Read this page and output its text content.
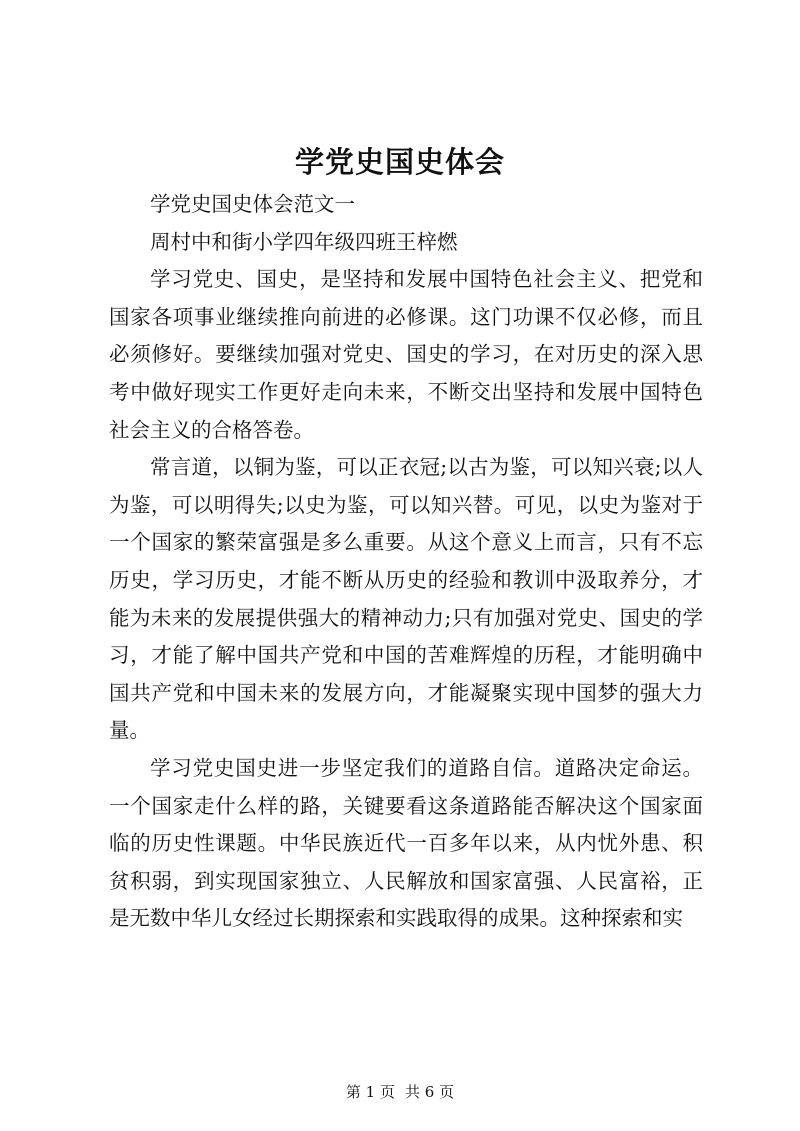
学党史国史体会

学党史国史体会范文一

周村中和街小学四年级四班王梓燃

学习党史、国史，是坚持和发展中国特色社会主义、把党和国家各项事业继续推向前进的必修课。这门功课不仅必修，而且必须修好。要继续加强对党史、国史的学习，在对历史的深入思考中做好现实工作更好走向未来，不断交出坚持和发展中国特色社会主义的合格答卷。

常言道，以铜为鉴，可以正衣冠;以古为鉴，可以知兴衰;以人为鉴，可以明得失;以史为鉴，可以知兴替。可见，以史为鉴对于一个国家的繁荣富强是多么重要。从这个意义上而言，只有不忘历史，学习历史，才能不断从历史的经验和教训中汲取养分，才能为未来的发展提供强大的精神动力;只有加强对党史、国史的学习，才能了解中国共产党和中国的苦难辉煌的历程，才能明确中国共产党和中国未来的发展方向，才能凝聚实现中国梦的强大力量。

学习党史国史进一步坚定我们的道路自信。道路决定命运。一个国家走什么样的路，关键要看这条道路能否解决这个国家面临的历史性课题。中华民族近代一百多年以来，从内忧外患、积贫积弱，到实现国家独立、人民解放和国家富强、人民富裕，正是无数中华儿女经过长期探索和实践取得的成果。这种探索和实

第 1 页 共 6 页
